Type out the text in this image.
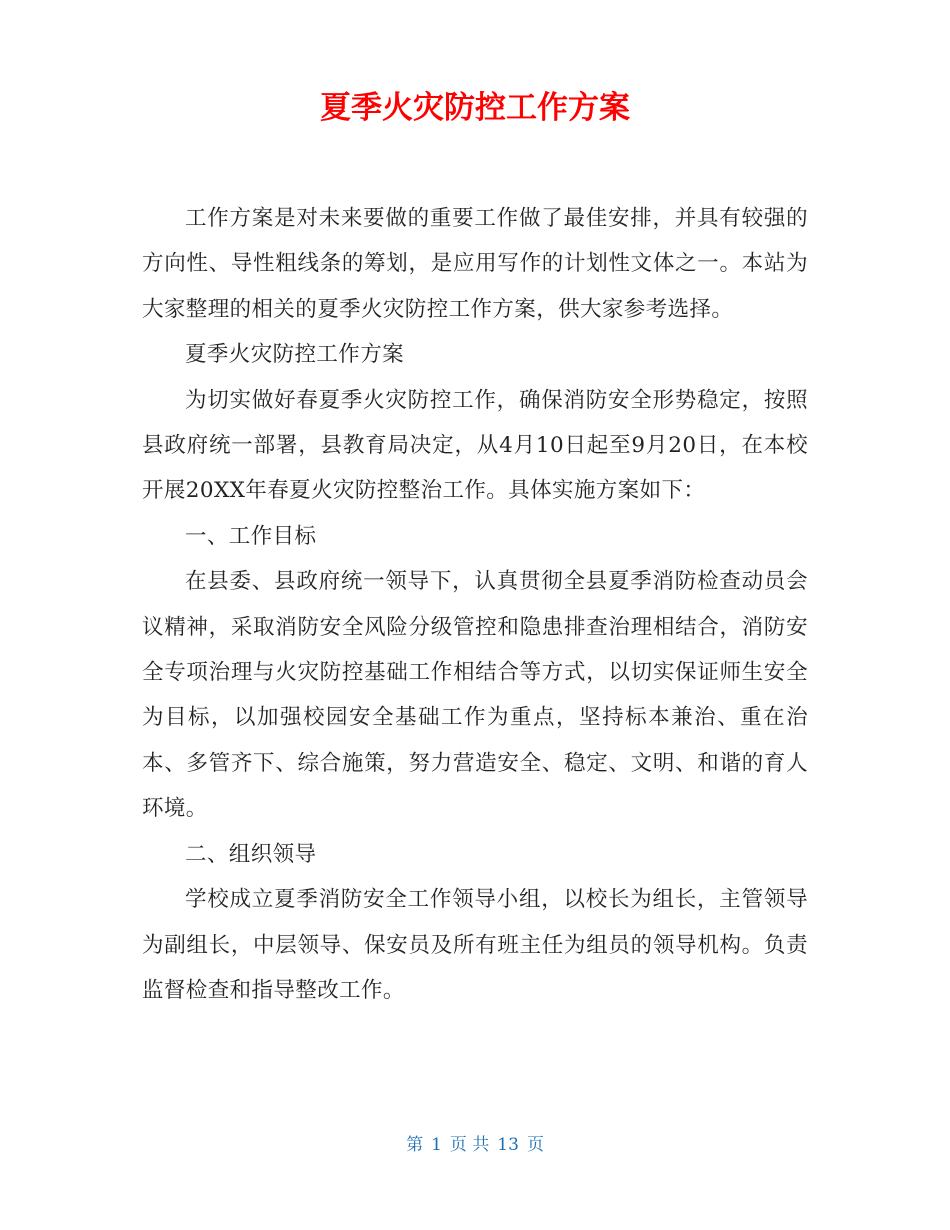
夏季火灾防控工作方案

工作方案是对未来要做的重要工作做了最佳安排，并具有较强的方向性、导性粗线条的筹划，是应用写作的计划性文体之一。本站为大家整理的相关的夏季火灾防控工作方案，供大家参考选择。

夏季火灾防控工作方案

为切实做好春夏季火灾防控工作，确保消防安全形势稳定，按照县政府统一部署，县教育局决定，从4月10日起至9月20日，在本校开展20XX年春夏火灾防控整治工作。具体实施方案如下：

一、工作目标

在县委、县政府统一领导下，认真贯彻全县夏季消防检查动员会议精神，采取消防安全风险分级管控和隐患排查治理相结合，消防安全专项治理与火灾防控基础工作相结合等方式，以切实保证师生安全为目标，以加强校园安全基础工作为重点，坚持标本兼治、重在治本、多管齐下、综合施策，努力营造安全、稳定、文明、和谐的育人环境。

二、组织领导

学校成立夏季消防安全工作领导小组，以校长为组长，主管领导为副组长，中层领导、保安员及所有班主任为组员的领导机构。负责监督检查和指导整改工作。

第 1 页 共 13 页
